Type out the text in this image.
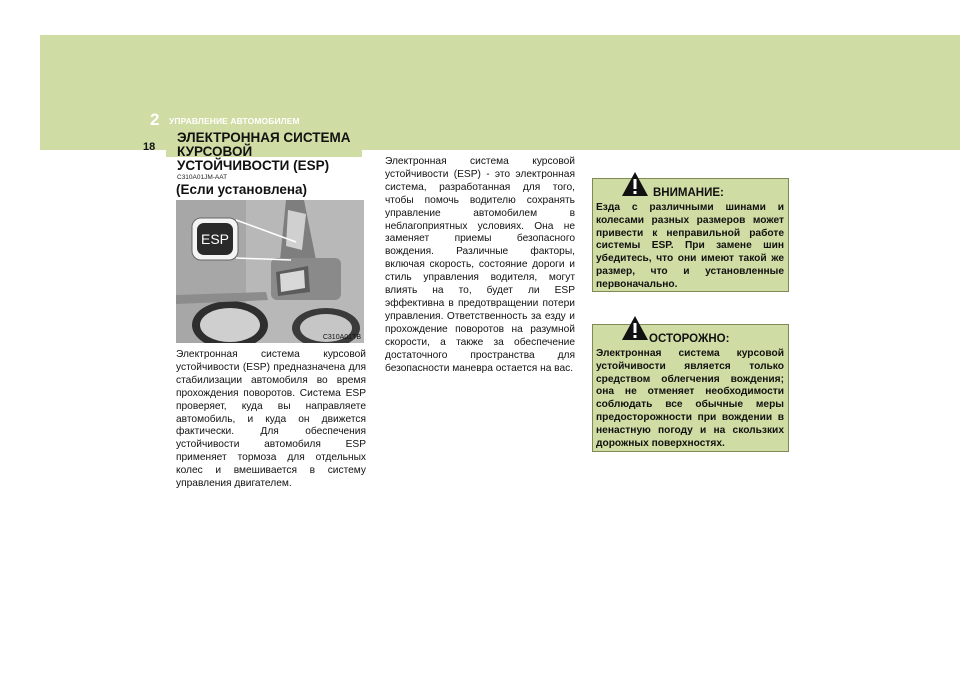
2 УПРАВЛЕНИЕ АВТОМОБИЛЕМ
18
ЭЛЕКТРОННАЯ СИСТЕМА
КУРСОВОЙ
УСТОЙЧИВОСТИ (ESP)
C310A01JM-AAT
(Если установлена)
ESP
C310A01TB
Электронная система курсовой устойчивости (ESP) предназначена для стабилизации автомобиля во время прохождения поворотов. Система ESP проверяет, куда вы направляете автомобиль, и куда он движется фактически. Для обеспечения устойчивости автомобиля ESP применяет тормоза для отдельных колес и вмешивается в систему управления двигателем.
Электронная система курсовой устойчивости (ESP) - это электронная система, разработанная для того, чтобы помочь водителю сохранять управление автомобилем в неблагоприятных условиях. Она не заменяет приемы безопасного вождения. Различные факторы, включая скорость, состояние дороги и стиль управления водителя, могут влиять на то, будет ли ESP эффективна в предотвращении потери управления. Ответственность за езду и прохождение поворотов на разумной скорости, а также за обеспечение достаточного пространства для безопасности маневра остается на вас.
ВНИМАНИЕ:
Езда с различными шинами и колесами разных размеров может привести к неправильной работе системы ESP. При замене шин убедитесь, что они имеют такой же размер, что и установленные первоначально.
ОСТОРОЖНО:
Электронная система курсовой устойчивости является только средством облегчения вождения; она не отменяет необходимости соблюдать все обычные меры предосторожности при вождении в ненастную погоду и на скользких дорожных поверхностях.
